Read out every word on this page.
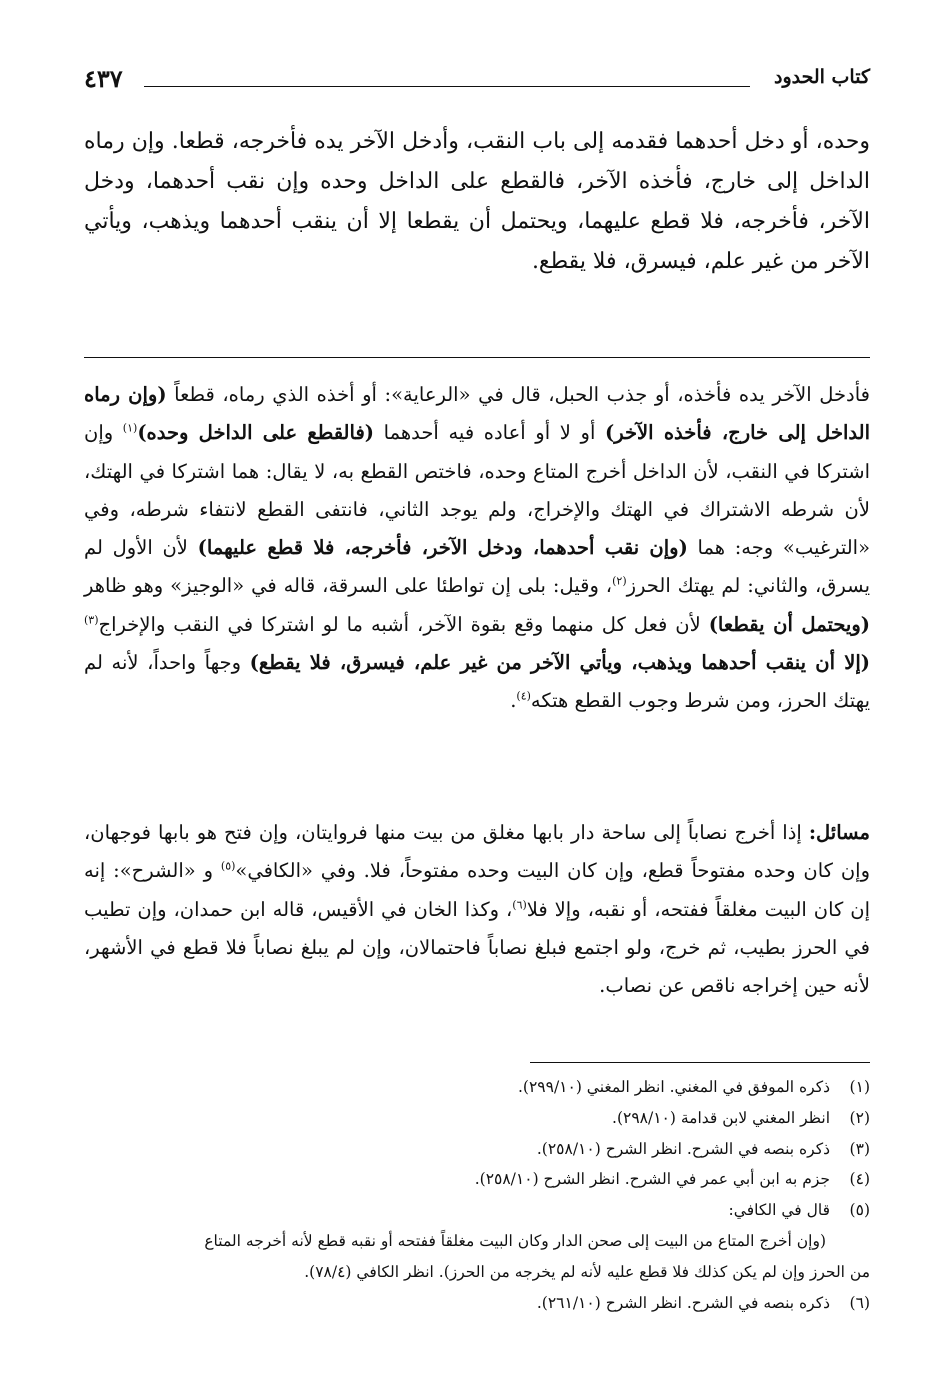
كتاب الحدود
٤٣٧

وحده، أو دخل أحدهما فقدمه إلى باب النقب، وأدخل الآخر يده فأخرجه، قطعا. وإن رماه الداخل إلى خارج، فأخذه الآخر، فالقطع على الداخل وحده وإن نقب أحدهما، ودخل الآخر، فأخرجه، فلا قطع عليهما، ويحتمل أن يقطعا إلا أن ينقب أحدهما ويذهب، ويأتي الآخر من غير علم، فيسرق، فلا يقطع.

فأدخل الآخر يده فأخذه، أو جذب الحبل، قال في «الرعاية»: أو أخذه الذي رماه، قطعاً (وإن رماه الداخل إلى خارج، فأخذه الآخر) أو لا أو أعاده فيه أحدهما (فالقطع على الداخل وحده)$^{(١)}$ وإن اشتركا في النقب، لأن الداخل أخرج المتاع وحده، فاختص القطع به، لا يقال: هما اشتركا في الهتك، لأن شرطه الاشتراك في الهتك والإخراج، ولم يوجد الثاني، فانتفى القطع لانتفاء شرطه، وفي «الترغيب» وجه: هما (وإن نقب أحدهما، ودخل الآخر، فأخرجه، فلا قطع عليهما) لأن الأول لم يسرق، والثاني: لم يهتك الحرز$^{(٢)}$، وقيل: بلى إن تواطئا على السرقة، قاله في «الوجيز» وهو ظاهر (ويحتمل أن يقطعا) لأن فعل كل منهما وقع بقوة الآخر، أشبه ما لو اشتركا في النقب والإخراج$^{(٣)}$ (إلا أن ينقب أحدهما ويذهب، ويأتي الآخر من غير علم، فيسرق، فلا يقطع) وجهاً واحداً، لأنه لم يهتك الحرز، ومن شرط وجوب القطع هتكه$^{(٤)}$.

مسائل: إذا أخرج نصاباً إلى ساحة دار بابها مغلق من بيت منها فروايتان، وإن فتح هو بابها فوجهان، وإن كان وحده مفتوحاً قطع، وإن كان البيت وحده مفتوحاً، فلا. وفي «الكافي»$^{(٥)}$ و «الشرح»: إنه إن كان البيت مغلقاً ففتحه، أو نقبه، وإلا فلا$^{(٦)}$، وكذا الخان في الأقيس، قاله ابن حمدان، وإن تطيب في الحرز بطيب، ثم خرج، ولو اجتمع فبلغ نصاباً فاحتمالان، وإن لم يبلغ نصاباً فلا قطع في الأشهر، لأنه حين إخراجه ناقص عن نصاب.

(١)ذكره الموفق في المغني. انظر المغني (٢٩٩/١٠).
(٢)انظر المغني لابن قدامة (٢٩٨/١٠).
(٣)ذكره بنصه في الشرح. انظر الشرح (٢٥٨/١٠).
(٤)جزم به ابن أبي عمر في الشرح. انظر الشرح (٢٥٨/١٠).
(٥)قال في الكافي:
(وإن أخرج المتاع من البيت إلى صحن الدار وكان البيت مغلقاً ففتحه أو نقبه قطع لأنه أخرجه المتاع
من الحرز وإن لم يكن كذلك فلا قطع عليه لأنه لم يخرجه من الحرز). انظر الكافي (٧٨/٤).
(٦)ذكره بنصه في الشرح. انظر الشرح (٢٦١/١٠).
